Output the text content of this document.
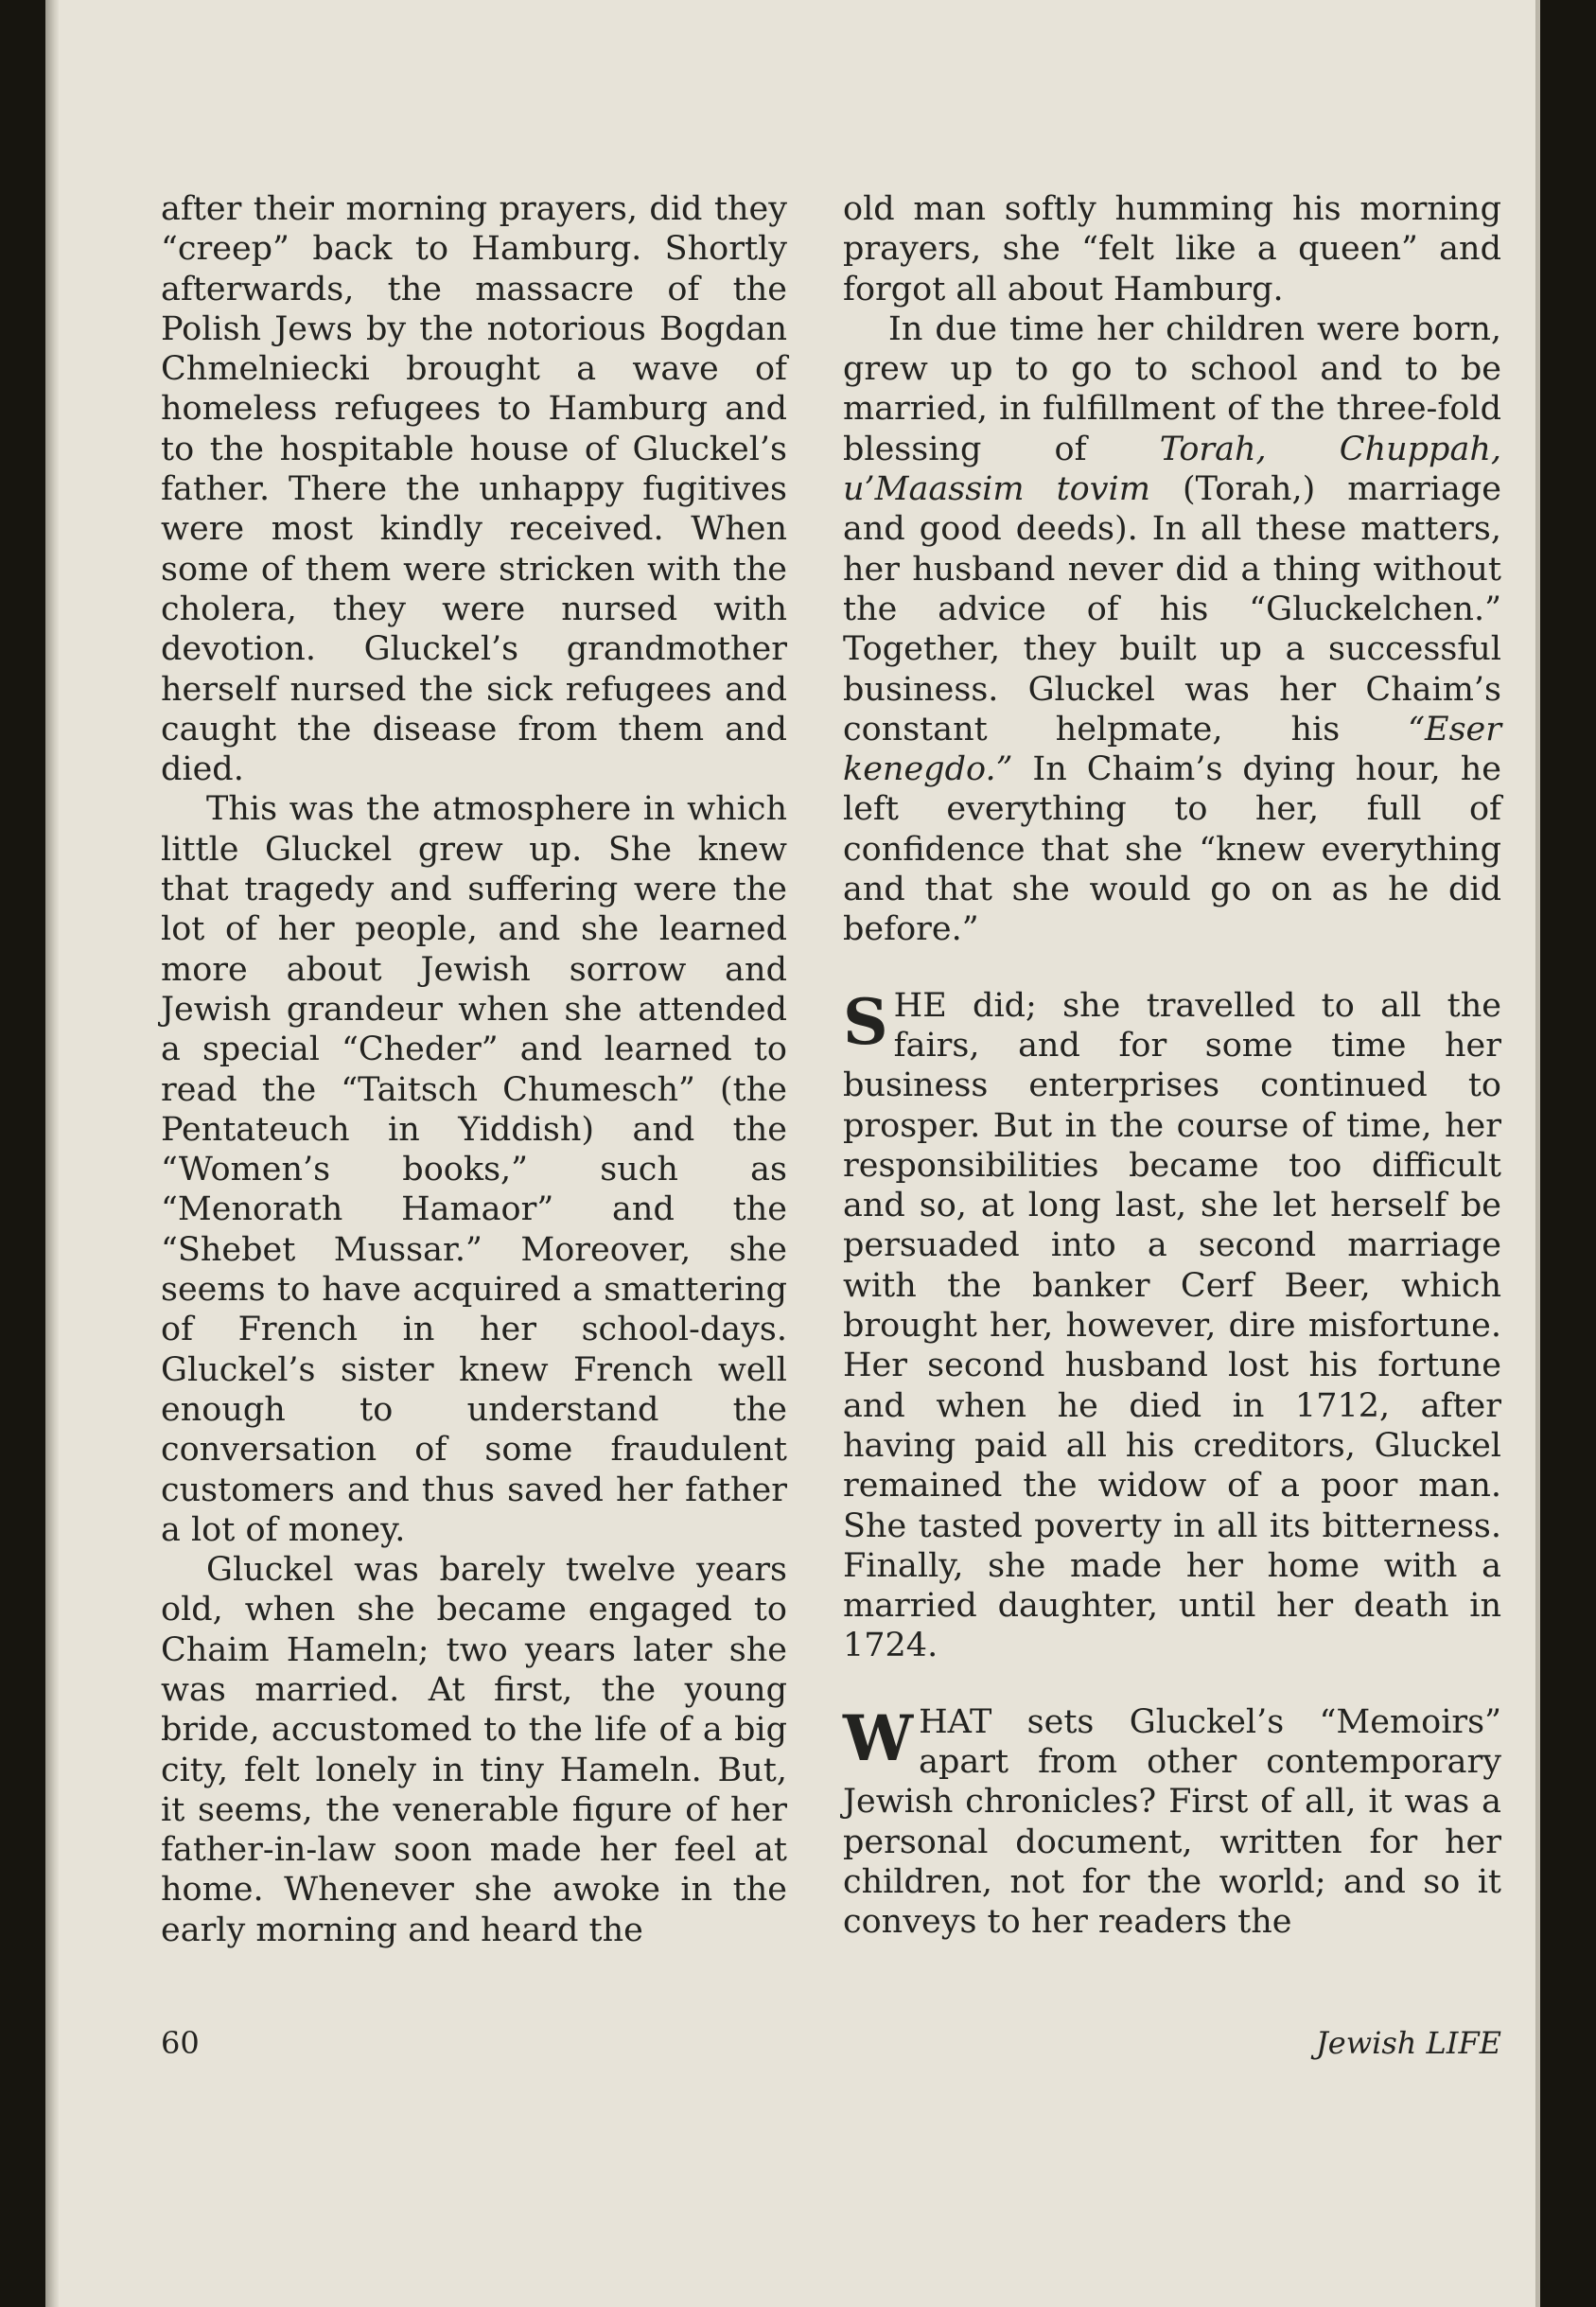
after their morning prayers, did they “creep” back to Hamburg. Shortly afterwards, the massacre of the Polish Jews by the notorious Bogdan Chmelniecki brought a wave of homeless refugees to Hamburg and to the hospitable house of Gluckel’s father. There the unhappy fugitives were most kindly received. When some of them were stricken with the cholera, they were nursed with devotion. Gluckel’s grandmother herself nursed the sick refugees and caught the disease from them and died.

This was the atmosphere in which little Gluckel grew up. She knew that tragedy and suffering were the lot of her people, and she learned more about Jewish sorrow and Jewish grandeur when she attended a special “Cheder” and learned to read the “Taitsch Chumesch” (the Pentateuch in Yiddish) and the “Women’s books,” such as “Menorath Hamaor” and the “Shebet Mussar.” Moreover, she seems to have acquired a smattering of French in her school-days. Gluckel’s sister knew French well enough to understand the conversation of some fraudulent customers and thus saved her father a lot of money.

Gluckel was barely twelve years old, when she became engaged to Chaim Hameln; two years later she was married. At first, the young bride, accustomed to the life of a big city, felt lonely in tiny Hameln. But, it seems, the venerable figure of her father-in-law soon made her feel at home. Whenever she awoke in the early morning and heard the

old man softly humming his morning prayers, she “felt like a queen” and forgot all about Hamburg.

In due time her children were born, grew up to go to school and to be married, in fulfillment of the three-fold blessing of Torah, Chuppah, u’Maassim tovim (Torah,) marriage and good deeds). In all these matters, her husband never did a thing without the advice of his “Gluckelchen.” Together, they built up a successful business. Gluckel was her Chaim’s constant helpmate, his “Eser kenegdo.” In Chaim’s dying hour, he left everything to her, full of confidence that she “knew everything and that she would go on as he did before.”

SHE did; she travelled to all the fairs, and for some time her business enterprises continued to prosper. But in the course of time, her responsibilities became too difficult and so, at long last, she let herself be persuaded into a second marriage with the banker Cerf Beer, which brought her, however, dire misfortune. Her second husband lost his fortune and when he died in 1712, after having paid all his creditors, Gluckel remained the widow of a poor man. She tasted poverty in all its bitterness. Finally, she made her home with a married daughter, until her death in 1724.

WHAT sets Gluckel’s “Memoirs” apart from other contemporary Jewish chronicles? First of all, it was a personal document, written for her children, not for the world; and so it conveys to her readers the

60	Jewish LIFE
